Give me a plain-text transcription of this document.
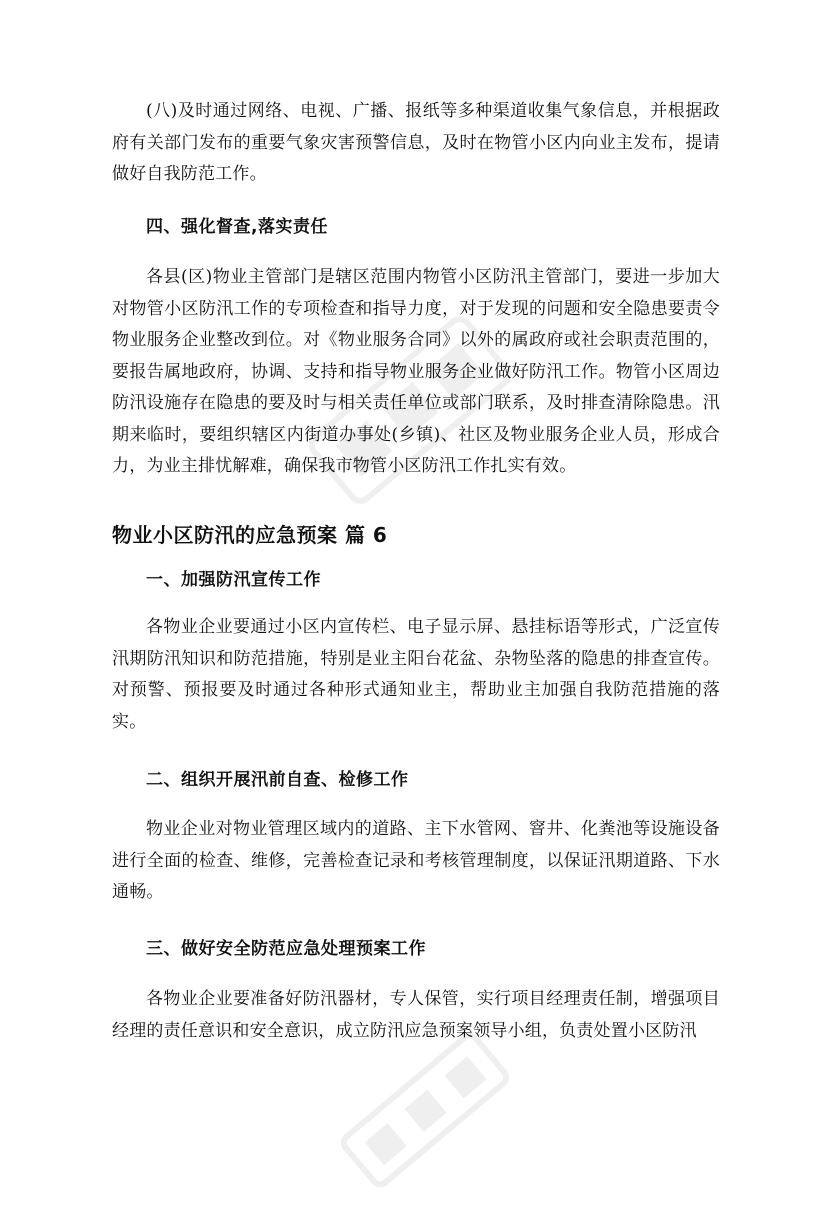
(八)及时通过网络、电视、广播、报纸等多种渠道收集气象信息，并根据政府有关部门发布的重要气象灾害预警信息，及时在物管小区内向业主发布，提请做好自我防范工作。
四、强化督查,落实责任
各县(区)物业主管部门是辖区范围内物管小区防汛主管部门，要进一步加大对物管小区防汛工作的专项检查和指导力度，对于发现的问题和安全隐患要责令物业服务企业整改到位。对《物业服务合同》以外的属政府或社会职责范围的，要报告属地政府，协调、支持和指导物业服务企业做好防汛工作。物管小区周边防汛设施存在隐患的要及时与相关责任单位或部门联系，及时排查清除隐患。汛期来临时，要组织辖区内街道办事处(乡镇)、社区及物业服务企业人员，形成合力，为业主排忧解难，确保我市物管小区防汛工作扎实有效。
物业小区防汛的应急预案 篇 6
一、加强防汛宣传工作
各物业企业要通过小区内宣传栏、电子显示屏、悬挂标语等形式，广泛宣传汛期防汛知识和防范措施，特别是业主阳台花盆、杂物坠落的隐患的排查宣传。对预警、预报要及时通过各种形式通知业主，帮助业主加强自我防范措施的落实。
二、组织开展汛前自查、检修工作
物业企业对物业管理区域内的道路、主下水管网、窨井、化粪池等设施设备进行全面的检查、维修，完善检查记录和考核管理制度，以保证汛期道路、下水通畅。
三、做好安全防范应急处理预案工作
各物业企业要准备好防汛器材，专人保管，实行项目经理责任制，增强项目经理的责任意识和安全意识，成立防汛应急预案领导小组，负责处置小区防汛
